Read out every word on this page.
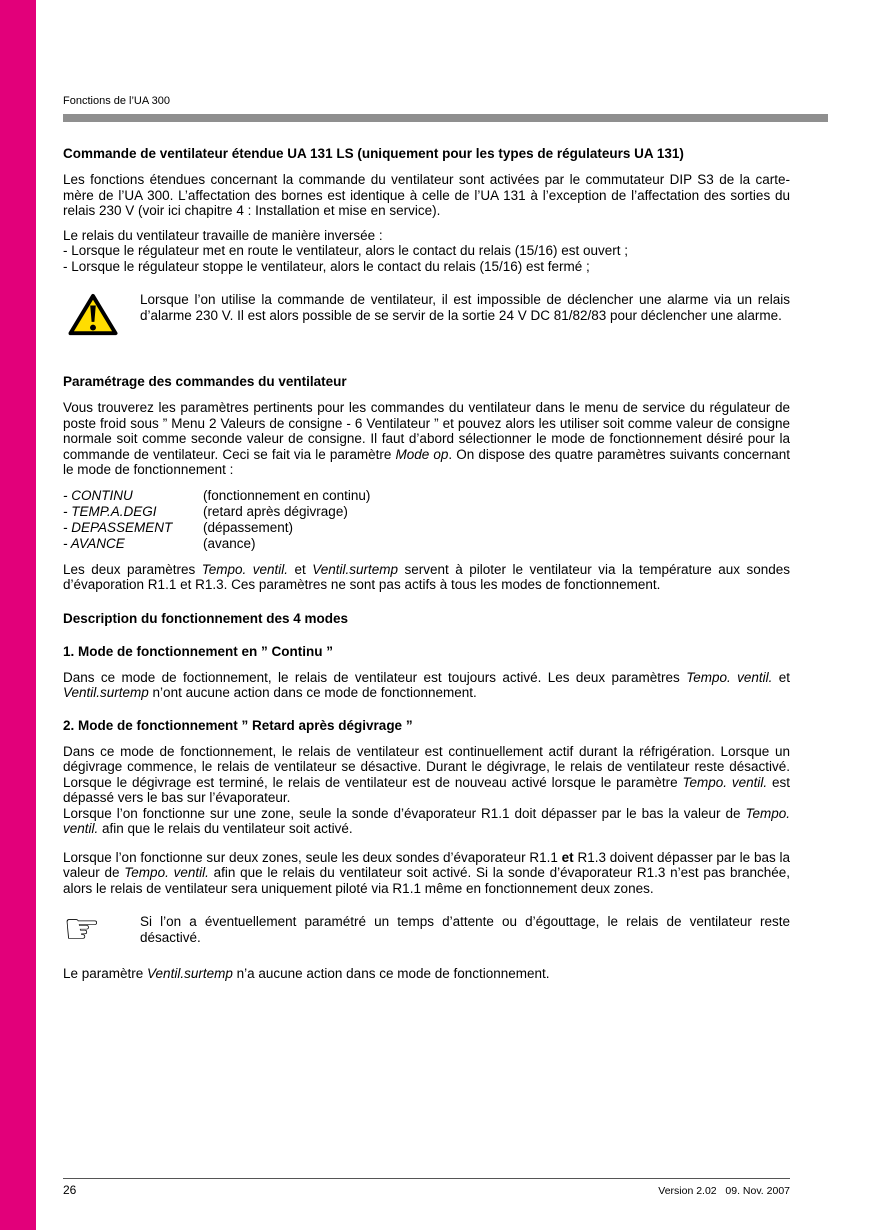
Fonctions de l’UA 300
Commande de ventilateur étendue UA 131 LS (uniquement pour les types de régulateurs UA 131)

Les fonctions étendues concernant la commande du ventilateur sont activées par le commutateur DIP S3 de la carte-mère de l’UA 300. L’affectation des bornes est identique à celle de l’UA 131 à l’exception de l’affectation des sorties du relais 230 V (voir ici chapitre 4 : Installation et mise en service).

Le relais du ventilateur travaille de manière inversée :
- Lorsque le régulateur met en route le ventilateur, alors le contact du relais (15/16) est ouvert ;
- Lorsque le régulateur stoppe le ventilateur, alors le contact du relais (15/16) est fermé ;

Lorsque l’on utilise la commande de ventilateur, il est impossible de déclencher une alarme via un relais d’alarme 230 V. Il est alors possible de se servir de la sortie 24 V DC 81/82/83 pour déclencher une alarme.

Paramétrage des commandes du ventilateur

Vous trouverez les paramètres pertinents pour les commandes du ventilateur dans le menu de service du régulateur de poste froid sous ” Menu 2 Valeurs de consigne - 6 Ventilateur ” et pouvez alors les utiliser soit comme valeur de consigne normale soit comme seconde valeur de consigne. Il faut d’abord sélectionner le mode de fonctionnement désiré pour la commande de ventilateur. Ceci se fait via le paramètre Mode op. On dispose des quatre paramètres suivants concernant le mode de fonctionnement :

- CONTINU	(fonctionnement en continu)
- TEMP.A.DEGI	(retard après dégivrage)
- DEPASSEMENT	(dépassement)
- AVANCE	(avance)

Les deux paramètres Tempo. ventil. et Ventil.surtemp servent à piloter le ventilateur via la température aux sondes d’évaporation R1.1 et R1.3. Ces paramètres ne sont pas actifs à tous les modes de fonctionnement.

Description du fonctionnement des 4 modes
1. Mode de fonctionnement en ” Continu ”

Dans ce mode de foctionnement, le relais de ventilateur est toujours activé. Les deux paramètres Tempo. ventil. et Ventil.surtemp n’ont aucune action dans ce mode de fonctionnement.

2. Mode de fonctionnement ” Retard après dégivrage ”

Dans ce mode de fonctionnement, le relais de ventilateur est continuellement actif durant la réfrigération. Lorsque un dégivrage commence, le relais de ventilateur se désactive. Durant le dégivrage, le relais de ventilateur reste désactivé. Lorsque le dégivrage est terminé, le relais de ventilateur est de nouveau activé lorsque le paramètre Tempo. ventil. est dépassé vers le bas sur l’évaporateur.
Lorsque l’on fonctionne sur une zone, seule la sonde d’évaporateur R1.1 doit dépasser par le bas la valeur de Tempo. ventil. afin que le relais du ventilateur soit activé.

Lorsque l’on fonctionne sur deux zones, seule les deux sondes d’évaporateur R1.1 et R1.3 doivent dépasser par le bas la valeur de Tempo. ventil. afin que le relais du ventilateur soit activé. Si la sonde d’évaporateur R1.3 n’est pas branchée, alors le relais de ventilateur sera uniquement piloté via R1.1 même en fonctionnement deux zones.

☞	Si l’on a éventuellement paramétré un temps d’attente ou d’égouttage, le relais de ventilateur reste désactivé.

Le paramètre Ventil.surtemp n’a aucune action dans ce mode de fonctionnement.

26	Version 2.02   09. Nov. 2007
